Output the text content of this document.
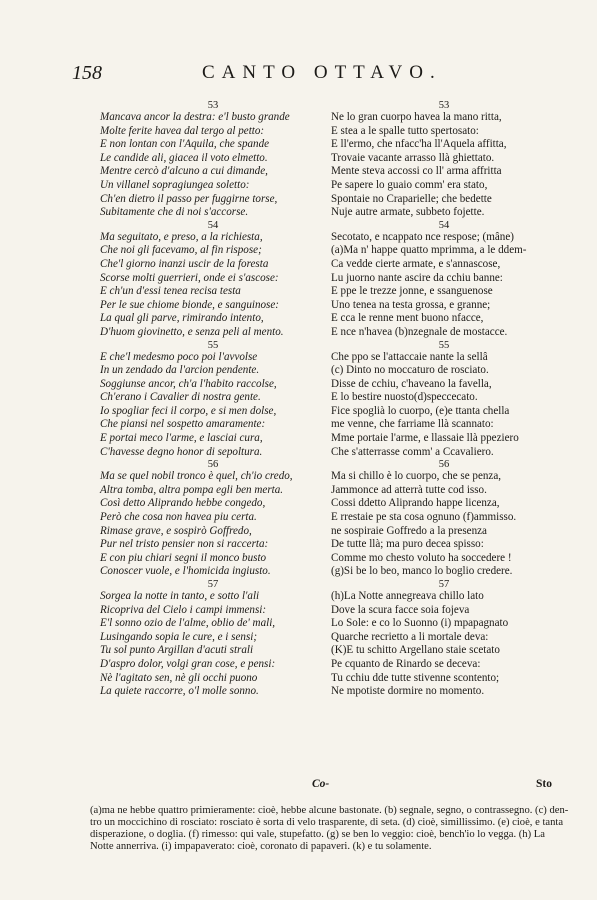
158	CANTO OTTAVO.
53
Mancava ancor la destra: e'l busto grande
Molte ferite havea dal tergo al petto:
E non lontan con l'Aquila, che spande
Le candide ali, giacea il voto elmetto.
Mentre cercò d'alcuno a cui dimande,
Un villanel sopragiungea soletto:
Ch'en dietro il passo per fuggirne torse,
Subitamente che di noi s'accorse.
54
Ma seguitato, e preso, a la richiesta,
Che noi gli facevamo, al fin rispose;
Che'l giorno inanzi uscir de la foresta
Scorse molti guerrieri, onde ei s'ascose:
E ch'un d'essi tenea recisa testa
Per le sue chiome bionde, e sanguinose:
La qual gli parve, rimirando intento,
D'huom giovinetto, e senza peli al mento.
55
E che'l medesmo poco poi l'avvolse
In un zendado da l'arcion pendente.
Soggiunse ancor, ch'a l'habito raccolse,
Ch'erano i Cavalier di nostra gente.
Io spogliar feci il corpo, e si men dolse,
Che piansi nel sospetto amaramente:
E portai meco l'arme, e lasciai cura,
C'havesse degno honor di sepoltura.
56
Ma se quel nobil tronco è quel, ch'io credo,
Altra tomba, altra pompa egli ben merta.
Così detto Aliprando hebbe congedo,
Però che cosa non havea piu certa.
Rimase grave, e sospirò Goffredo,
Pur nel tristo pensier non si raccerta:
E con piu chiari segni il monco busto
Conoscer vuole, e l'homicida ingiusto.
57
Sorgea la notte in tanto, e sotto l'ali
Ricopriva del Cielo i campi immensi:
E'l sonno ozio de l'alme, oblio de' mali,
Lusingando sopia le cure, e i sensi;
Tu sol punto Argillan d'acuti strali
D'aspro dolor, volgi gran cose, e pensi:
Nè l'agitato sen, nè gli occhi puono
La quiete raccorre, o'l molle sonno.
53
Ne lo gran cuorpo havea la mano ritta,
E stea a le spalle tutto spertosato:
E ll'ermo, che nfacc'ha ll'Aquela affitta,
Trovaie vacante arrasso llà ghiettato.
Mente steva accossi co ll' arma affritta
Pe sapere lo guaio comm' era stato,
Spontaie no Craparielle; che bedette
Nuje autre armate, subbeto fojette.
54
Secotato, e ncappato nce respose; (mâne)
(a)Ma n' happe quatto mprimma, a le ddem-
Ca vedde cierte armate, e s'annascose,
Lu juorno nante ascire da cchiu banne:
E ppe le trezze jonne, e ssanguenose
Uno tenea na testa grossa, e granne;
E cca le renne ment buono nfacce,
E nce n'havea (b)nzegnale de mostacce.
55
Che ppo se l'attaccaie nante la sellâ
(c) Dinto no moccaturo de rosciato.
Disse de cchiu, c'haveano la favella,
E lo bestire nuosto(d)speccecato.
Fice spoglià lo cuorpo, (e)e ttanta chella
me venne, che farriame llà scannato:
Mme portaie l'arme, e llassaie llà ppeziero
Che s'atterrasse comm' a Ccavaliero.
56
Ma si chillo è lo cuorpo, che se penza,
Jammonce ad atterrà tutte cod isso.
Cossi ddetto Aliprando happe licenza,
E rrestaie pe sta cosa ognuno (f)ammisso.
ne sospiraie Goffredo a la presenza
De tutte llà; ma puro decea spisso:
Comme mo chesto voluto ha soccedere !
(g)Si be lo beo, manco lo boglio credere.
57
(h)La Notte annegreava chillo lato
Dove la scura facce soia fojeva
Lo Sole: e co lo Suonno (i) mpapagnato
Quarche recrietto a li mortale deva:
(K)E tu schitto Argellano staie scetato
Pe cquanto de Rinardo se deceva:
Tu cchiu dde tutte stivenne scontento;
Ne mpotiste dormire no momento.
Co-	Sto
(a)ma ne hebbe quattro primieramente: cioè, hebbe alcune bastonate. (b) segnale, segno, o contrassegno. (c) den-
tro un moccichino di rosciato: rosciato è sorta di velo trasparente, di seta. (d) cioè, simillissimo. (e) cioè, e tanta
disperazione, o doglia. (f) rimesso: qui vale, stupefatto. (g) se ben lo veggio: cioè, bench'io lo vegga. (h) La
Notte annerriva. (i) impapaverato: cioè, coronato di papaveri. (k) e tu solamente.
